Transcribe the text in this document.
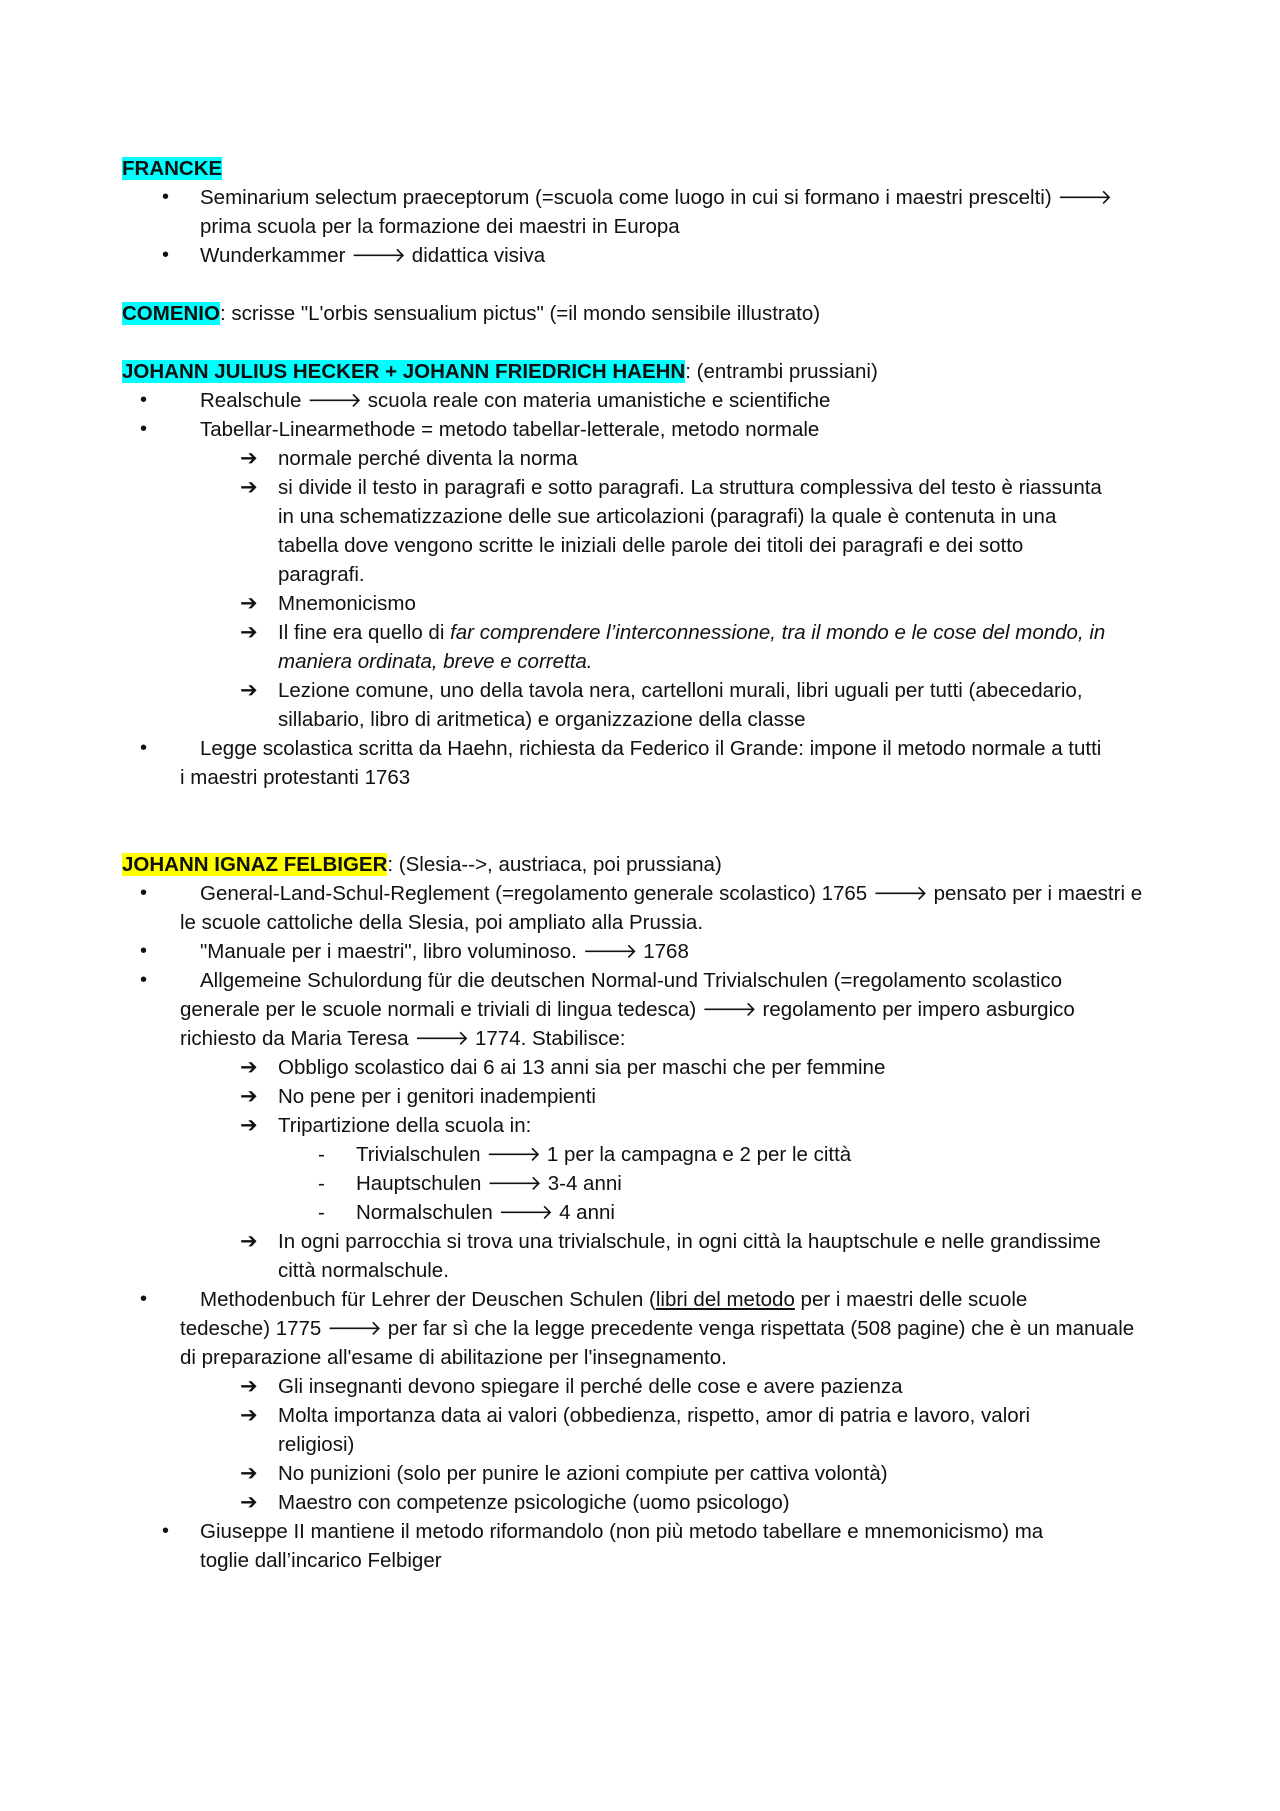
FRANCKE
• Seminarium selectum praeceptorum (=scuola come luogo in cui si formano i maestri prescelti) 🡒
prima scuola per la formazione dei maestri in Europa
• Wunderkammer 🡒 didattica visiva
COMENIO: scrisse "L'orbis sensualium pictus" (=il mondo sensibile illustrato)
JOHANN JULIUS HECKER + JOHANN FRIEDRICH HAEHN: (entrambi prussiani)
•	Realschule 🡒 scuola reale con materia umanistiche e scientifiche
•	Tabellar-Linearmethode = metodo tabellar-letterale, metodo normale
➔ normale perché diventa la norma
➔ si divide il testo in paragrafi e sotto paragrafi. La struttura complessiva del testo è riassunta
in una schematizzazione delle sue articolazioni (paragrafi) la quale è contenuta in una
tabella dove vengono scritte le iniziali delle parole dei titoli dei paragrafi e dei sotto
paragrafi.
➔ Mnemonicismo
➔ Il fine era quello di far comprendere l’interconnessione, tra il mondo e le cose del mondo, in
maniera ordinata, breve e corretta.
➔ Lezione comune, uno della tavola nera, cartelloni murali, libri uguali per tutti (abecedario,
sillabario, libro di aritmetica) e organizzazione della classe
•	Legge scolastica scritta da Haehn, richiesta da Federico il Grande: impone il metodo normale a tutti
i maestri protestanti 1763
JOHANN IGNAZ FELBIGER: (Slesia-->, austriaca, poi prussiana)
•	General-Land-Schul-Reglement (=regolamento generale scolastico) 1765 🡒 pensato per i maestri e
le scuole cattoliche della Slesia, poi ampliato alla Prussia.
•	"Manuale per i maestri", libro voluminoso. 🡒 1768
•	Allgemeine Schulordung für die deutschen Normal-und Trivialschulen (=regolamento scolastico
generale per le scuole normali e triviali di lingua tedesca) 🡒 regolamento per impero asburgico
richiesto da Maria Teresa 🡒 1774. Stabilisce:
➔ Obbligo scolastico dai 6 ai 13 anni sia per maschi che per femmine
➔ No pene per i genitori inadempienti
➔ Tripartizione della scuola in:
- Trivialschulen 🡒 1 per la campagna e 2 per le città
- Hauptschulen 🡒 3-4 anni
- Normalschulen 🡒 4 anni
➔ In ogni parrocchia si trova una trivialschule, in ogni città la hauptschule e nelle grandissime
città normalschule.
•	Methodenbuch für Lehrer der Deuschen Schulen (libri del metodo per i maestri delle scuole
tedesche) 1775 🡒 per far sì che la legge precedente venga rispettata (508 pagine) che è un manuale
di preparazione all'esame di abilitazione per l'insegnamento.
➔ Gli insegnanti devono spiegare il perché delle cose e avere pazienza
➔ Molta importanza data ai valori (obbedienza, rispetto, amor di patria e lavoro, valori
religiosi)
➔ No punizioni (solo per punire le azioni compiute per cattiva volontà)
➔ Maestro con competenze psicologiche (uomo psicologo)
• Giuseppe II mantiene il metodo riformandolo (non più metodo tabellare e mnemonicismo) ma
toglie dall’incarico Felbiger
